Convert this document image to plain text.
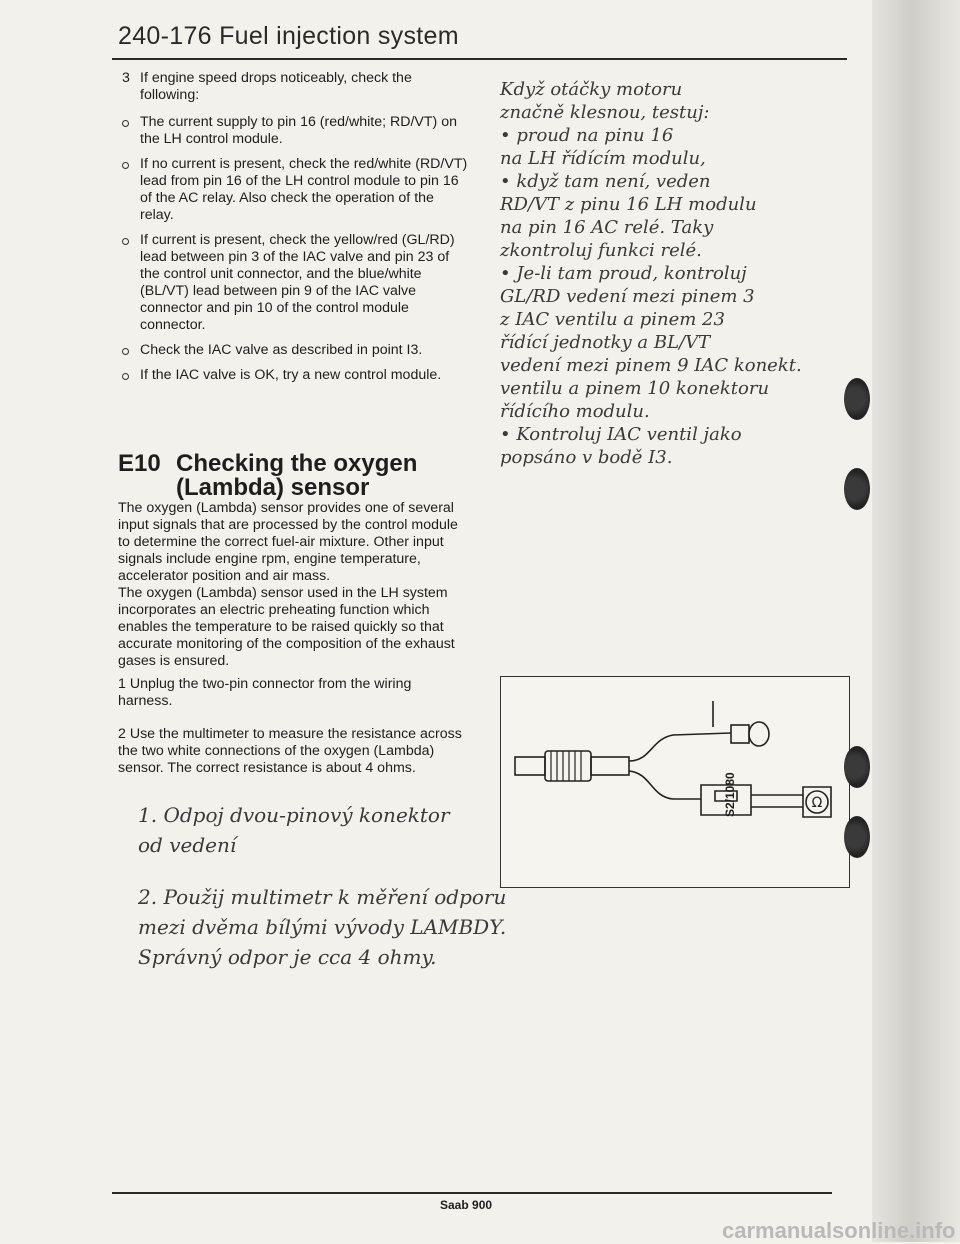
240-176 Fuel injection system

3 If engine speed drops noticeably, check the following:

The current supply to pin 16 (red/white; RD/VT) on the LH control module.

If no current is present, check the red/white (RD/VT) lead from pin 16 of the LH control module to pin 16 of the AC relay. Also check the operation of the relay.

If current is present, check the yellow/red (GL/RD) lead between pin 3 of the IAC valve and pin 23 of the control unit connector, and the blue/white (BL/VT) lead between pin 9 of the IAC valve connector and pin 10 of the control module connector.

Check the IAC valve as described in point I3.

If the IAC valve is OK, try a new control module.

E10 Checking the oxygen
(Lambda) sensor

The oxygen (Lambda) sensor provides one of several input signals that are processed by the control module to determine the correct fuel-air mixture. Other input signals include engine rpm, engine temperature, accelerator position and air mass.

The oxygen (Lambda) sensor used in the LH system incorporates an electric preheating function which enables the temperature to be raised quickly so that accurate monitoring of the composition of the exhaust gases is ensured.

1 Unplug the two-pin connector from the wiring harness.

2 Use the multimeter to measure the resistance across the two white connections of the oxygen (Lambda) sensor. The correct resistance is about 4 ohms.

Ω
S2/1080
Když otáčky motoru
značně klesnou, testuj:
• proud na pinu 16
na LH řídícím modulu,
• když tam není, veden
RD/VT z pinu 16 LH modulu
na pin 16 AC relé. Taky
zkontroluj funkci relé.
• Je-li tam proud, kontroluj
GL/RD vedení mezi pinem 3
z IAC ventilu a pinem 23
řídící jednotky a BL/VT
vedení mezi pinem 9 IAC konekt.
ventilu a pinem 10 konektoru
řídícího modulu.
• Kontroluj IAC ventil jako
popsáno v bodě I3.
1. Odpoj dvou-pinový konektor
od vedení
2. Použij multimetr k měření odporu
mezi dvěma bílými vývody LAMBDY.
Správný odpor je cca 4 ohmy.
Saab 900
carmanualsonline.info
